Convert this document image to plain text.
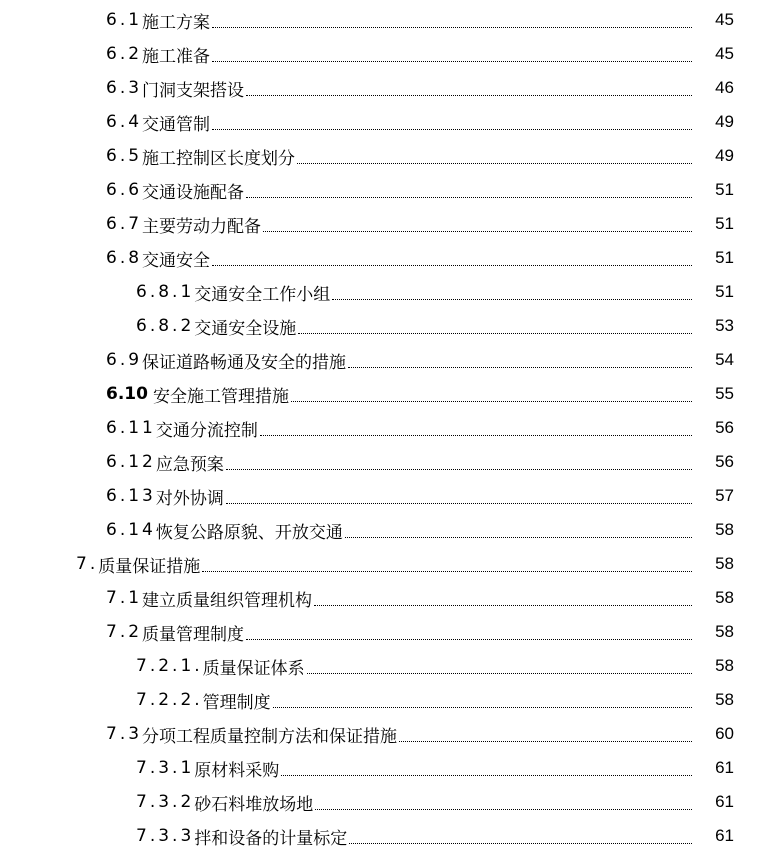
6.1 施工方案	45
6.2 施工准备	45
6.3 门洞支架搭设	46
6.4 交通管制	49
6.5 施工控制区长度划分	49
6.6 交通设施配备	51
6.7 主要劳动力配备	51
6.8 交通安全	51
6.8.1 交通安全工作小组	51
6.8.2 交通安全设施	53
6.9 保证道路畅通及安全的措施	54
6.10 安全施工管理措施	55
6.11 交通分流控制	56
6.12 应急预案	56
6.13 对外协调	57
6.14 恢复公路原貌、开放交通	58
7. 质量保证措施	58
7.1 建立质量组织管理机构	58
7.2 质量管理制度	58
7.2.1. 质量保证体系	58
7.2.2. 管理制度	58
7.3 分项工程质量控制方法和保证措施	60
7.3.1 原材料采购	61
7.3.2 砂石料堆放场地	61
7.3.3 拌和设备的计量标定	61
